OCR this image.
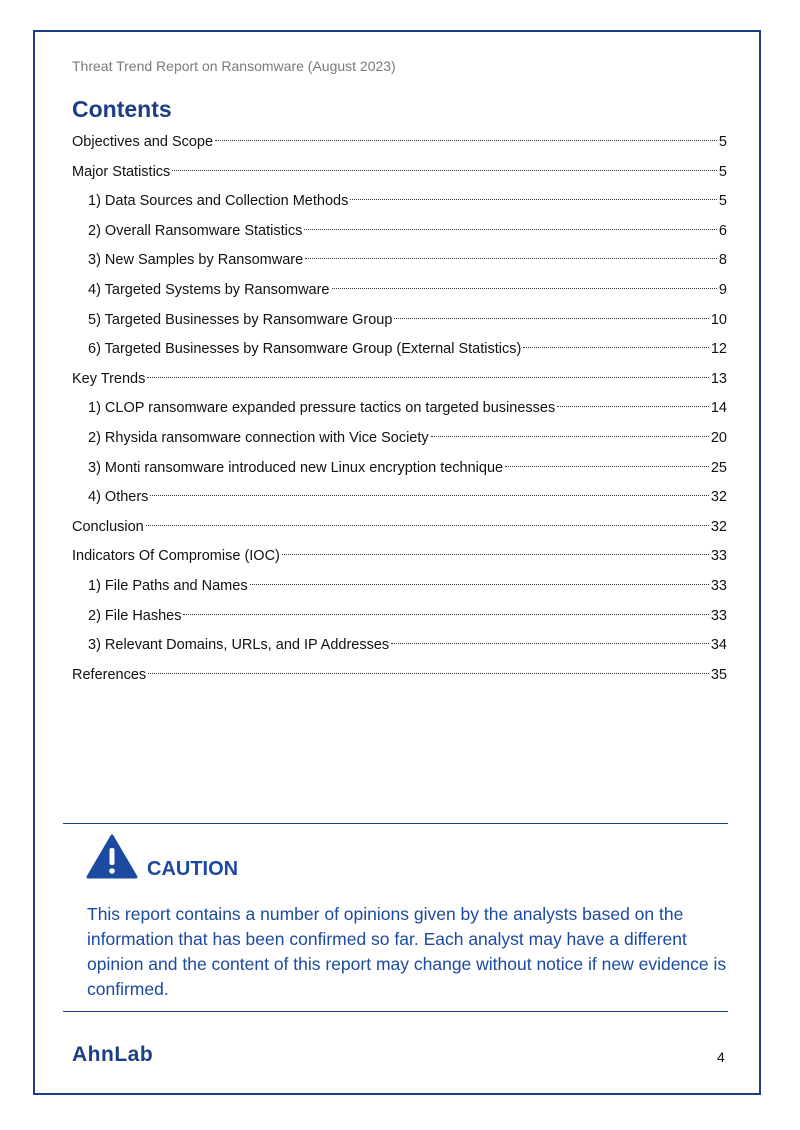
Threat Trend Report on Ransomware (August 2023)
Contents
Objectives and Scope	5
Major Statistics	5
1) Data Sources and Collection Methods	5
2) Overall Ransomware Statistics	6
3) New Samples by Ransomware	8
4) Targeted Systems by Ransomware	9
5) Targeted Businesses by Ransomware Group	10
6) Targeted Businesses by Ransomware Group (External Statistics)	12
Key Trends	13
1) CLOP ransomware expanded pressure tactics on targeted businesses	14
2) Rhysida ransomware connection with Vice Society	20
3) Monti ransomware introduced new Linux encryption technique	25
4) Others	32
Conclusion	32
Indicators Of Compromise (IOC)	33
1) File Paths and Names	33
2) File Hashes	33
3) Relevant Domains, URLs, and IP Addresses	34
References	35
CAUTION
This report contains a number of opinions given by the analysts based on the information that has been confirmed so far. Each analyst may have a different opinion and the content of this report may change without notice if new evidence is confirmed.
AhnLab	4
